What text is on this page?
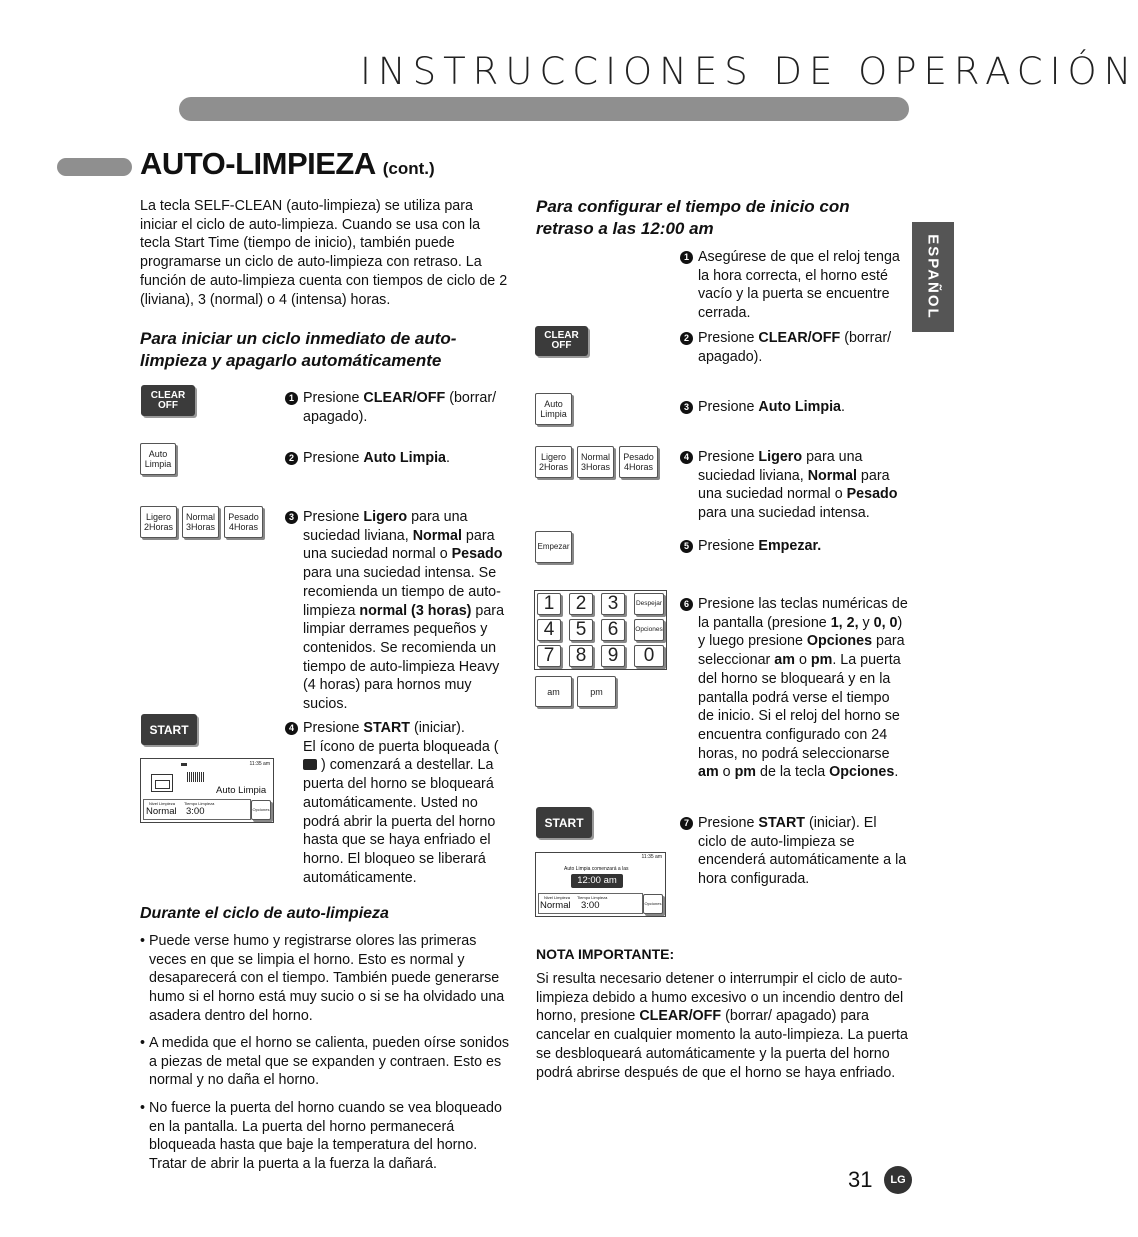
INSTRUCCIONES DE OPERACIÓN
AUTO-LIMPIEZA (cont.)
ESPAÑOL
La tecla SELF-CLEAN (auto-limpieza) se utiliza para iniciar el ciclo de auto-limpieza. Cuando se usa con la tecla Start Time (tiempo de inicio), también puede programarse un ciclo de auto-limpieza con retraso. La función de auto-limpieza cuenta con tiempos de ciclo de 2 (liviana), 3 (normal) o 4 (intensa) horas.
Para iniciar un ciclo inmediato de auto-limpieza y apagarlo automáticamente
CLEAR
OFF
Auto
Limpia
Ligero
2Horas
Normal
3Horas
Pesado
4Horas
START
11:35 am
Auto Limpia
Nivel Limpieza
Normal
Tiempo Limpieza
3:00	Opciones
1 Presione CLEAR/OFF (borrar/ apagado).
2 Presione Auto Limpia.
3 Presione Ligero para una suciedad liviana, Normal para una suciedad normal o Pesado para una suciedad intensa. Se recomienda un tiempo de auto-limpieza normal (3 horas) para limpiar derrames pequeños y contenidos. Se recomienda un tiempo de auto-limpieza Heavy (4 horas) para hornos muy sucios.
4 Presione START (iniciar).
El ícono de puerta bloqueada (  ) comenzará a destellar. La puerta del horno se bloqueará automáticamente. Usted no podrá abrir la puerta del horno hasta que se haya enfriado el horno. El bloqueo se liberará automáticamente.
Durante el ciclo de auto-limpieza
• Puede verse humo y registrarse olores las primeras veces en que se limpia el horno. Esto es normal y desaparecerá con el tiempo. También puede generarse humo si el horno está muy sucio o si se ha olvidado una asadera dentro del horno.
• A medida que el horno se calienta, pueden oírse sonidos a piezas de metal que se expanden y contraen. Esto es normal y no daña el horno.
• No fuerce la puerta del horno cuando se vea bloqueado en la pantalla. La puerta del horno permanecerá bloqueada hasta que baje la temperatura del horno. Tratar de abrir la puerta a la fuerza la dañará.
Para configurar el tiempo de inicio con retraso a las 12:00 am
CLEAR
OFF
Auto
Limpia
Ligero
2Horas
Normal
3Horas
Pesado
4Horas
Empezar
1	2	3	Despejar
4	5	6	Opciones
7	8	9	0
am	pm
START
11:35 am
Auto Limpia comenzará a las
12:00 am
Nivel Limpieza
Normal
Tiempo Limpieza
3:00	Opciones
1 Asegúrese de que el reloj tenga la hora correcta, el horno esté vacío y la puerta se encuentre cerrada.
2 Presione CLEAR/OFF (borrar/ apagado).
3 Presione Auto Limpia.
4 Presione Ligero para una suciedad liviana, Normal para una suciedad normal o Pesado para una suciedad intensa.
5 Presione Empezar.
6 Presione las teclas numéricas de la pantalla (presione 1, 2, y 0, 0) y luego presione Opciones para seleccionar am o pm. La puerta del horno se bloqueará y en la pantalla podrá verse el tiempo de inicio. Si el reloj del horno se encuentra configurado con 24 horas, no podrá seleccionarse am o pm de la tecla Opciones.
7 Presione START (iniciar). El ciclo de auto-limpieza se encenderá automáticamente a la hora configurada.
NOTA IMPORTANTE:
Si resulta necesario detener o interrumpir el ciclo de auto-limpieza debido a humo excesivo o un incendio dentro del horno, presione CLEAR/OFF (borrar/ apagado) para cancelar en cualquier momento la auto-limpieza. La puerta se desbloqueará automáticamente y la puerta del horno podrá abrirse después de que el horno se haya enfriado.
31	LG
